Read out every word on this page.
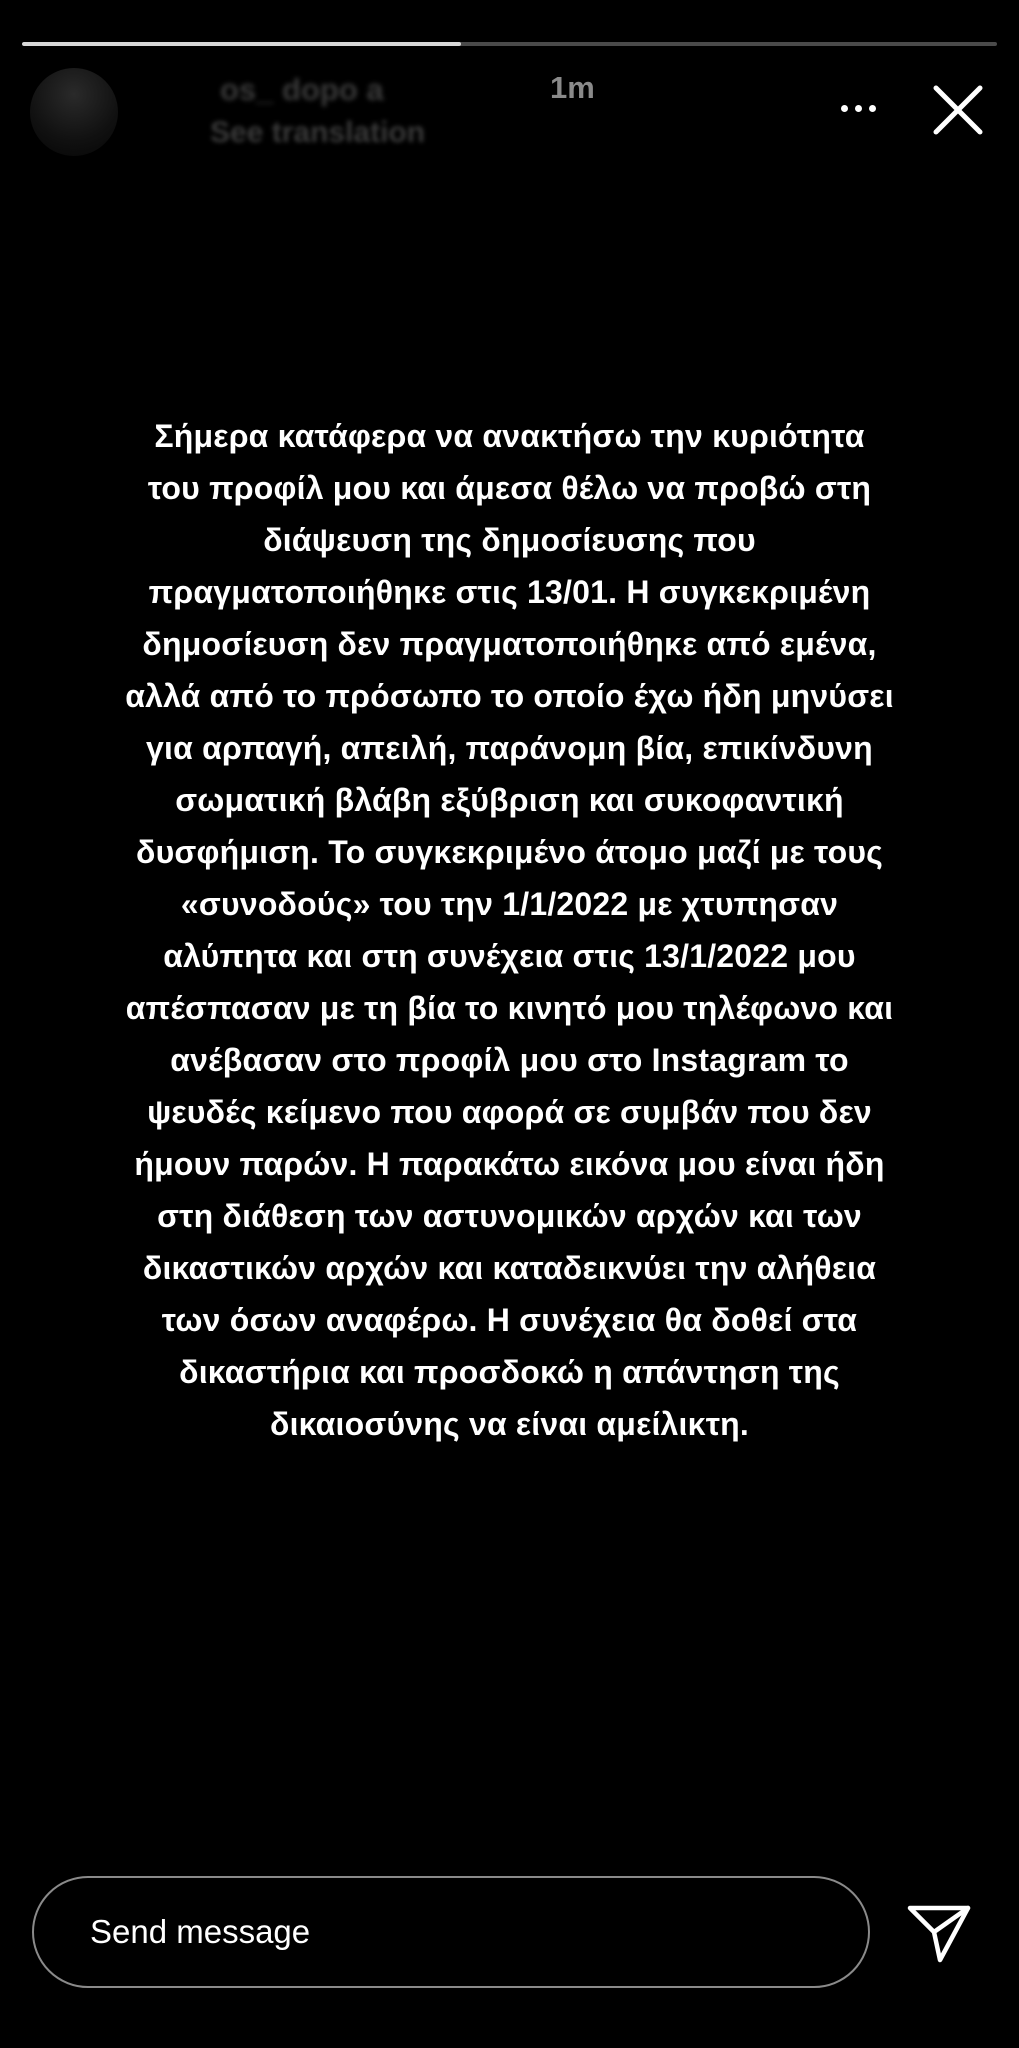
os_ dopo a	1m
See translation
Σήμερα κατάφερα να ανακτήσω την κυριότητα
του προφίλ μου και άμεσα θέλω να προβώ στη
διάψευση της δημοσίευσης που
πραγματοποιήθηκε στις 13/01. Η συγκεκριμένη
δημοσίευση δεν πραγματοποιήθηκε από εμένα,
αλλά από το πρόσωπο το οποίο έχω ήδη μηνύσει
για αρπαγή, απειλή, παράνομη βία, επικίνδυνη
σωματική βλάβη εξύβριση και συκοφαντική
δυσφήμιση. Το συγκεκριμένο άτομο μαζί με τους
«συνοδούς» του την 1/1/2022 με χτυπησαν
αλύπητα και στη συνέχεια στις 13/1/2022 μου
απέσπασαν με τη βία το κινητό μου τηλέφωνο και
ανέβασαν στο προφίλ μου στο Instagram το
ψευδές κείμενο που αφορά σε συμβάν που δεν
ήμουν παρών. Η παρακάτω εικόνα μου είναι ήδη
στη διάθεση των αστυνομικών αρχών και των
δικαστικών αρχών και καταδεικνύει την αλήθεια
των όσων αναφέρω. Η συνέχεια θα δοθεί στα
δικαστήρια και προσδοκώ η απάντηση της
δικαιοσύνης να είναι αμείλικτη.
Send message
